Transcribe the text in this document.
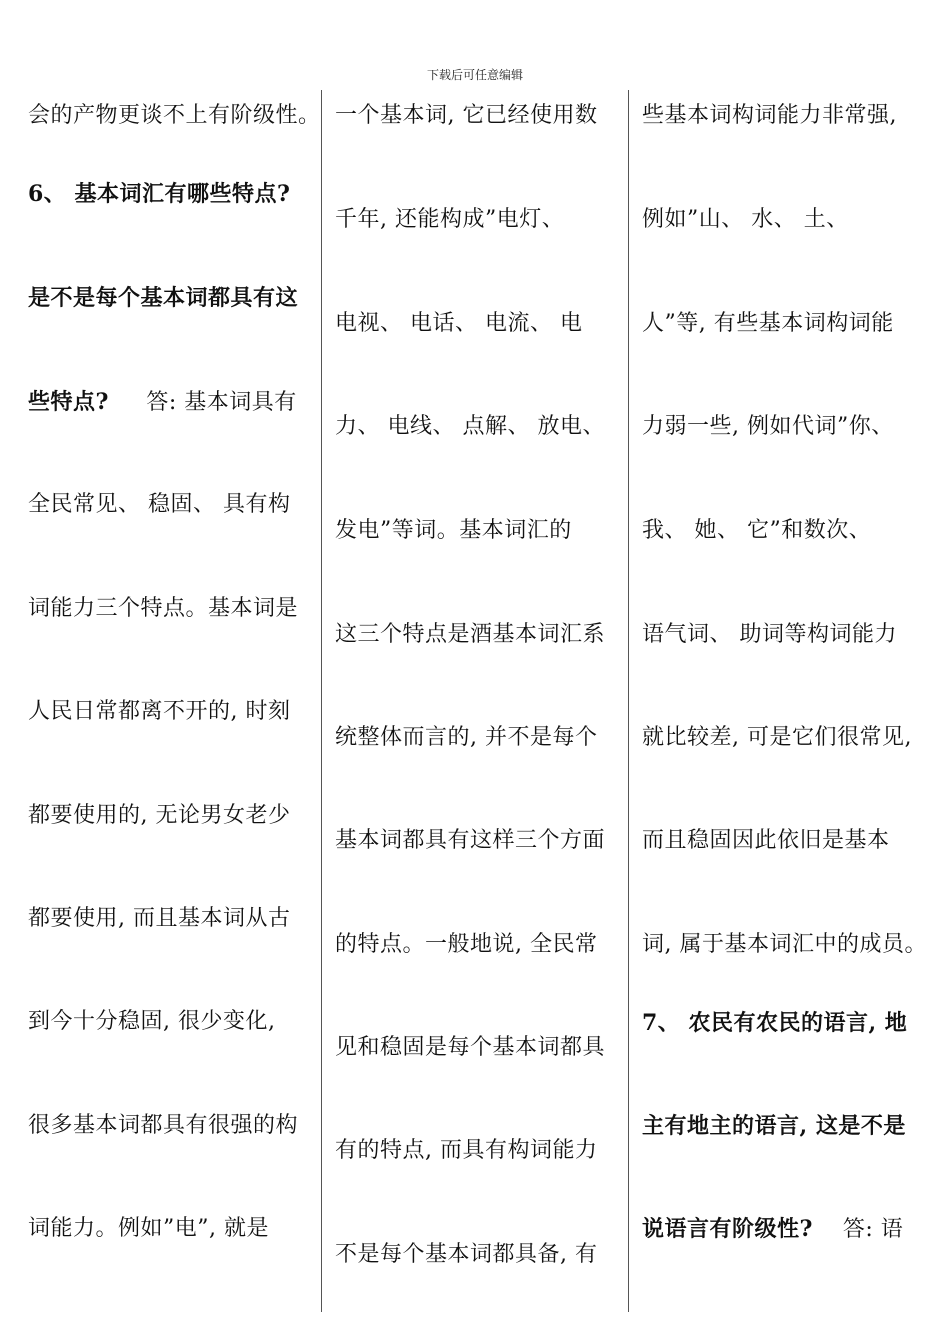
下载后可任意编辑
会的产物更谈不上有阶级性。
6、 基本词汇有哪些特点?
是不是每个基本词都具有这
些特点?     答: 基本词具有
全民常见、 稳固、 具有构
词能力三个特点。基本词是
人民日常都离不开的, 时刻
都要使用的, 无论男女老少
都要使用, 而且基本词从古
到今十分稳固, 很少变化,
很多基本词都具有很强的构
词能力。例如”电”, 就是
一个基本词, 它已经使用数
千年, 还能构成”电灯、
电视、 电话、 电流、 电
力、 电线、 点解、 放电、
发电”等词。基本词汇的
这三个特点是酒基本词汇系
统整体而言的, 并不是每个
基本词都具有这样三个方面
的特点。一般地说, 全民常
见和稳固是每个基本词都具
有的特点, 而具有构词能力
不是每个基本词都具备, 有
些基本词构词能力非常强,
例如”山、 水、 土、
人”等, 有些基本词构词能
力弱一些, 例如代词”你、
我、 她、 它”和数次、
语气词、 助词等构词能力
就比较差, 可是它们很常见,
而且稳固因此依旧是基本
词, 属于基本词汇中的成员。
7、 农民有农民的语言, 地
主有地主的语言, 这是不是
说语言有阶级性?    答: 语
